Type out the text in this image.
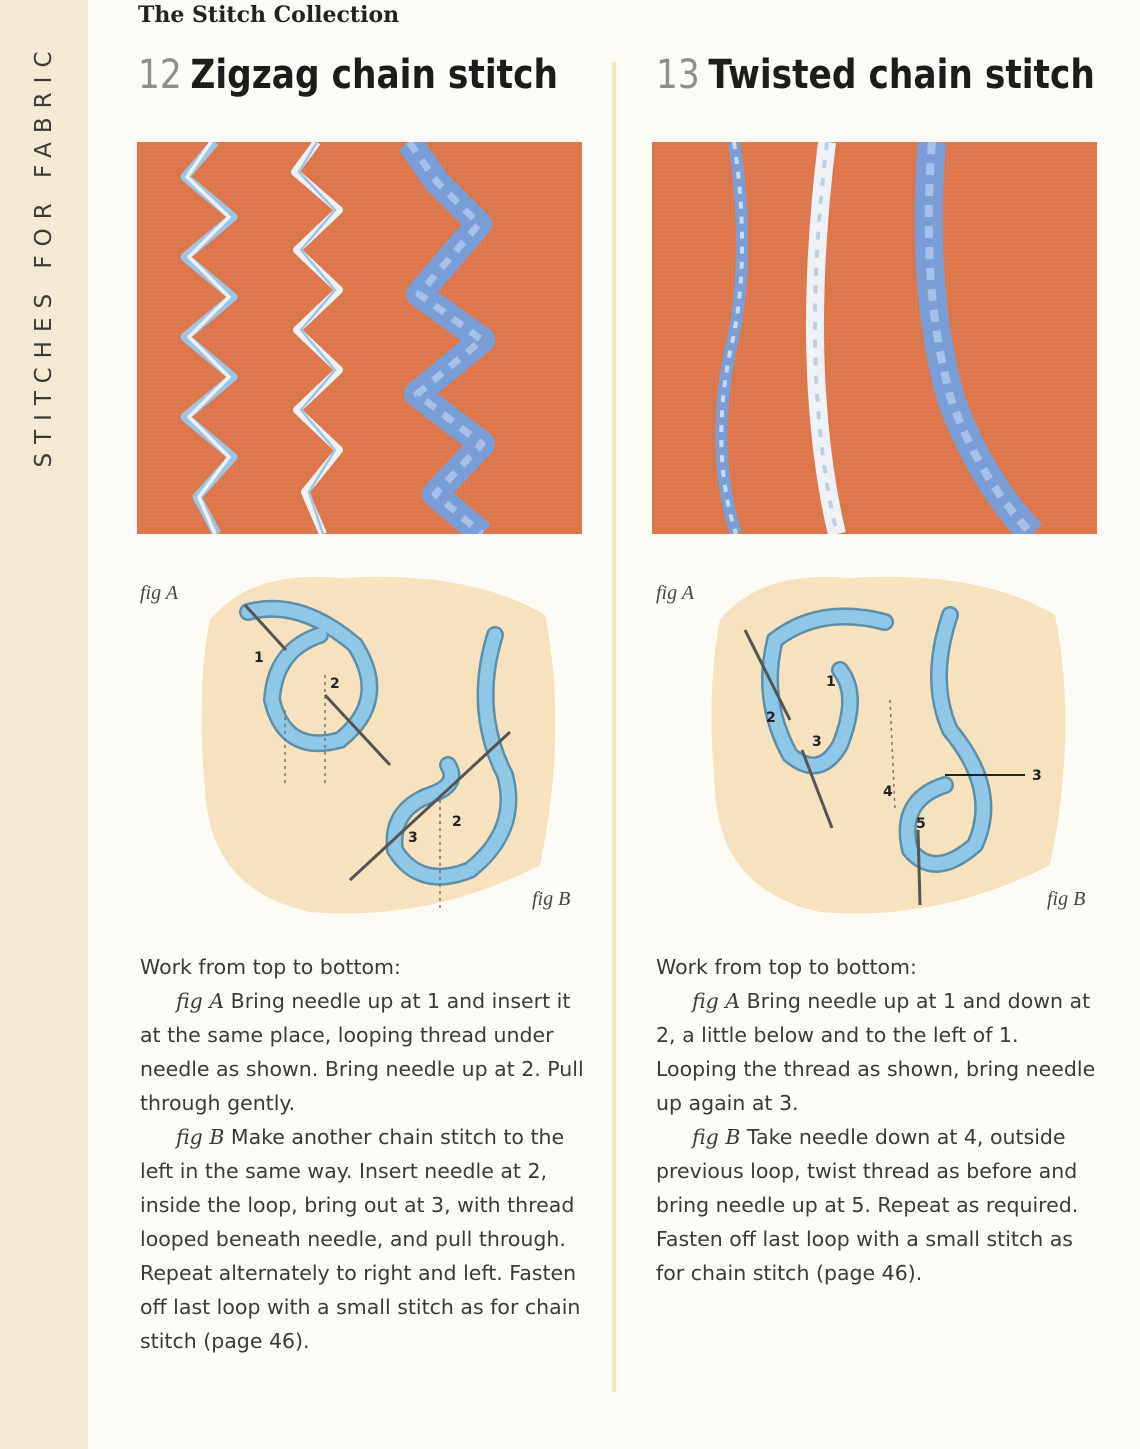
STITCHES FOR FABRIC
The Stitch Collection
12 Zigzag chain stitch
1
2
2
3
fig A
fig B

Work from top to bottom:

fig A Bring needle up at 1 and insert it at the same place, looping thread under needle as shown. Bring needle up at 2. Pull through gently.

fig B Make another chain stitch to the left in the same way. Insert needle at 2, inside the loop, bring out at 3, with thread looped beneath needle, and pull through. Repeat alternately to right and left. Fasten off last loop with a small stitch as for chain stitch (page 46).

13 Twisted chain stitch
1
2
3
4
3
5
fig A
fig B

Work from top to bottom:

fig A Bring needle up at 1 and down at 2, a little below and to the left of 1. Looping the thread as shown, bring needle up again at 3.

fig B Take needle down at 4, outside previous loop, twist thread as before and bring needle up at 5. Repeat as required. Fasten off last loop with a small stitch as for chain stitch (page 46).
